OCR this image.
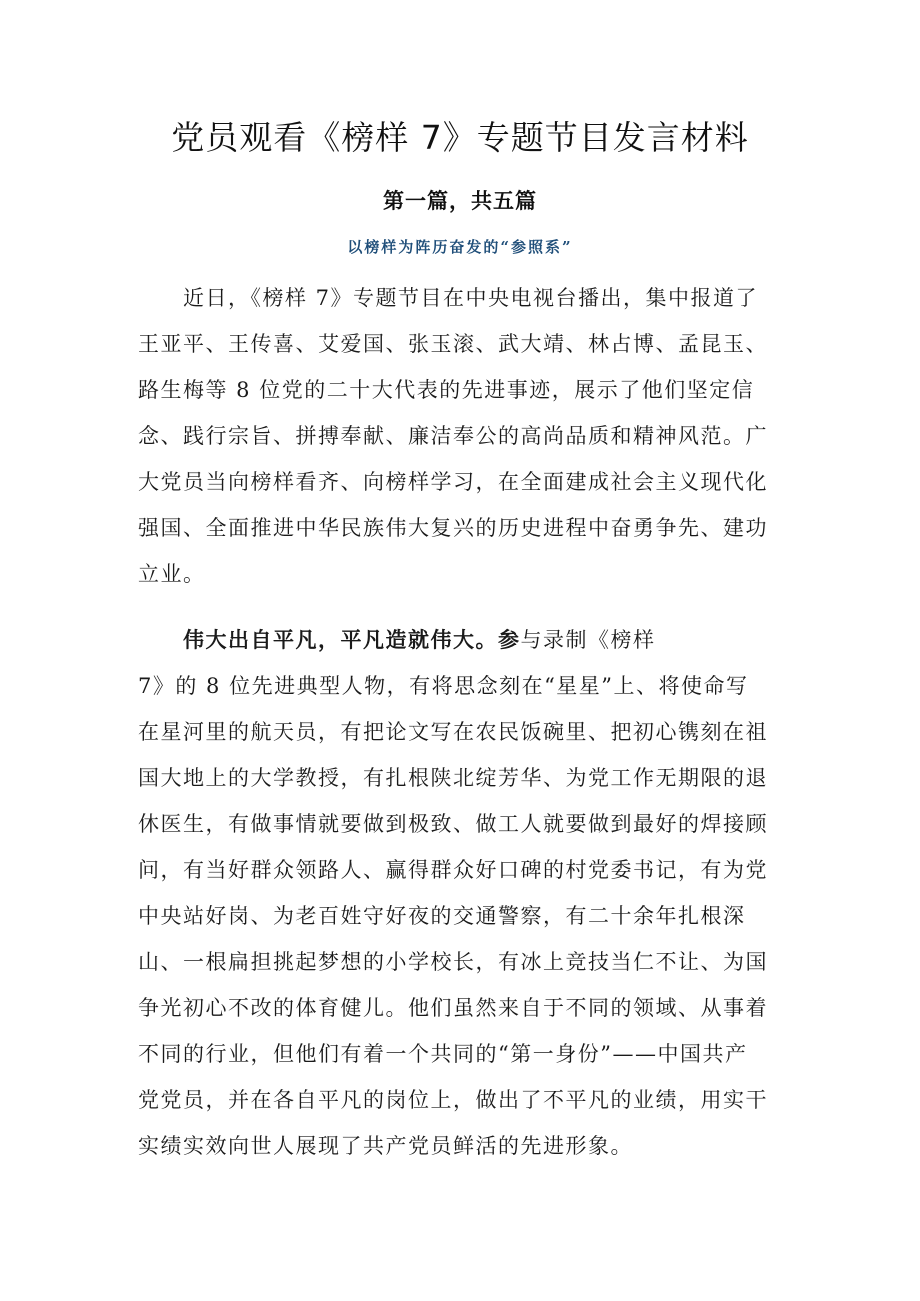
党员观看《榜样 7》专题节目发言材料
第一篇，共五篇
以榜样为阵历奋发的“参照系”
　　近日，《榜样 7》专题节目在中央电视台播出，集中报道了
王亚平、王传喜、艾爱国、张玉滚、武大靖、林占博、孟昆玉、
路生梅等 8 位党的二十大代表的先进事迹，展示了他们坚定信
念、践行宗旨、拼搏奉献、廉洁奉公的高尚品质和精神风范。广
大党员当向榜样看齐、向榜样学习，在全面建成社会主义现代化
强国、全面推进中华民族伟大复兴的历史进程中奋勇争先、建功
立业。
　　伟大出自平凡，平凡造就伟大。参与录制《榜样
7》的 8 位先进典型人物，有将思念刻在“星星”上、将使命写
在星河里的航天员，有把论文写在农民饭碗里、把初心镌刻在祖
国大地上的大学教授，有扎根陕北绽芳华、为党工作无期限的退
休医生，有做事情就要做到极致、做工人就要做到最好的焊接顾
问，有当好群众领路人、赢得群众好口碑的村党委书记，有为党
中央站好岗、为老百姓守好夜的交通警察，有二十余年扎根深
山、一根扁担挑起梦想的小学校长，有冰上竞技当仁不让、为国
争光初心不改的体育健儿。他们虽然来自于不同的领域、从事着
不同的行业，但他们有着一个共同的“第一身份”——中国共产
党党员，并在各自平凡的岗位上，做出了不平凡的业绩，用实干
实绩实效向世人展现了共产党员鲜活的先进形象。
